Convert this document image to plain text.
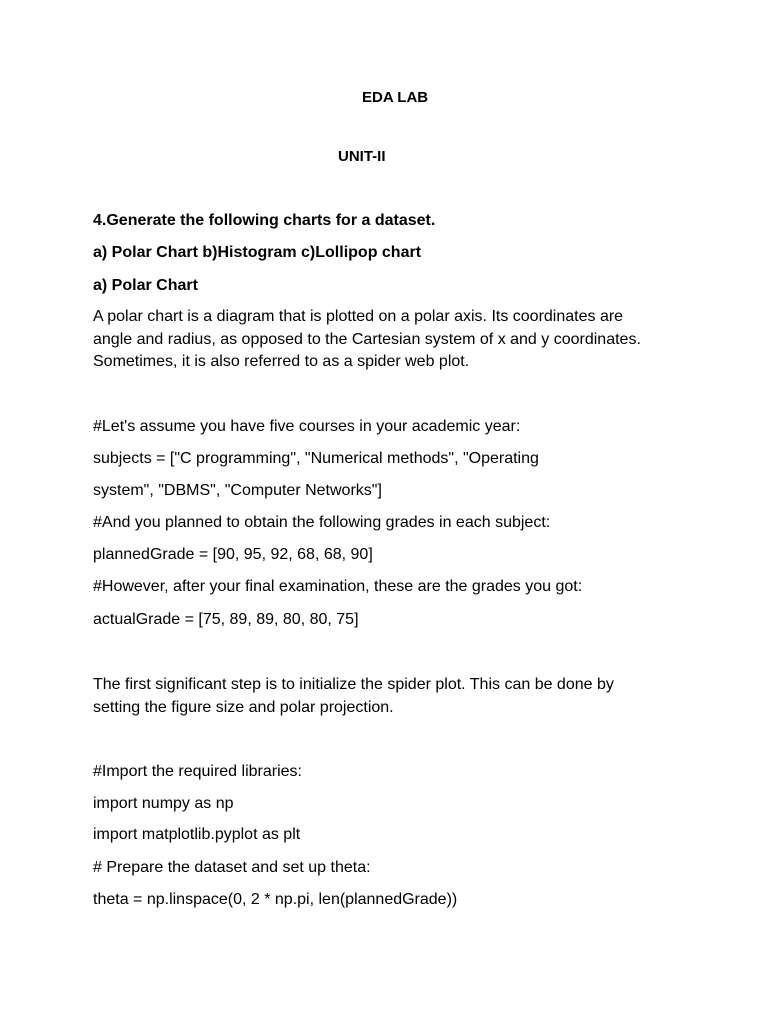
EDA LAB
UNIT-II
4.Generate the following charts for a dataset.
a) Polar Chart b)Histogram c)Lollipop chart
a) Polar Chart
A polar chart is a diagram that is plotted on a polar axis. Its coordinates are angle and radius, as opposed to the Cartesian system of x and y coordinates. Sometimes, it is also referred to as a spider web plot.
#Let's assume you have five courses in your academic year:
subjects = ["C programming", "Numerical methods", "Operating
system", "DBMS", "Computer Networks"]
#And you planned to obtain the following grades in each subject:
plannedGrade = [90, 95, 92, 68, 68, 90]
#However, after your final examination, these are the grades you got:
actualGrade = [75, 89, 89, 80, 80, 75]
The first significant step is to initialize the spider plot. This can be done by setting the figure size and polar projection.
#Import the required libraries:
import numpy as np
import matplotlib.pyplot as plt
# Prepare the dataset and set up theta:
theta = np.linspace(0, 2 * np.pi, len(plannedGrade))
